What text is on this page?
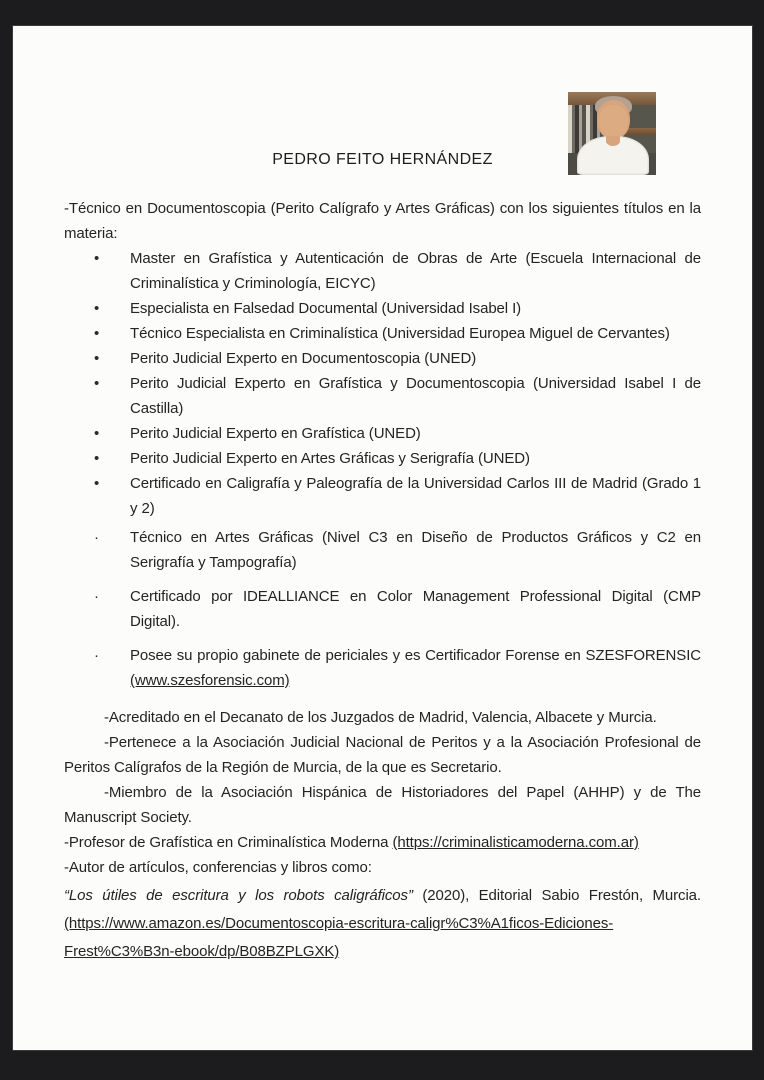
PEDRO FEITO HERNÁNDEZ

-Técnico en Documentoscopia (Perito Calígrafo y Artes Gráficas) con los siguientes títulos en la materia:

•	Master en Grafística y Autenticación de Obras de Arte (Escuela Internacional de Criminalística y Criminología, EICYC)
•	Especialista en Falsedad Documental (Universidad Isabel I)
•	Técnico Especialista en Criminalística (Universidad Europea Miguel de Cervantes)
•	Perito Judicial Experto en Documentoscopia (UNED)
•	Perito Judicial Experto en Grafística y Documentoscopia (Universidad Isabel I de Castilla)
•	Perito Judicial Experto en Grafística (UNED)
•	Perito Judicial Experto en Artes Gráficas y Serigrafía (UNED)
•	Certificado en Caligrafía y Paleografía de la Universidad Carlos III de Madrid (Grado 1 y 2)
·	Técnico en Artes Gráficas (Nivel C3 en Diseño de Productos Gráficos y C2 en Serigrafía y Tampografía)
·	Certificado por IDEALLIANCE en Color Management Professional Digital (CMP Digital).
·	Posee su propio gabinete de periciales y es Certificador Forense en SZESFORENSIC (www.szesforensic.com)

-Acreditado en el Decanato de los Juzgados de Madrid, Valencia, Albacete y Murcia.

-Pertenece a la Asociación Judicial Nacional de Peritos y a la Asociación Profesional de Peritos Calígrafos de la Región de Murcia, de la que es Secretario.

-Miembro de la Asociación Hispánica de Historiadores del Papel (AHHP) y de The Manuscript Society.

-Profesor de Grafística en Criminalística Moderna (https://criminalisticamoderna.com.ar)

-Autor de artículos, conferencias y libros como:

“Los útiles de escritura y los robots caligráficos” (2020), Editorial Sabio Frestón, Murcia. (https://www.amazon.es/Documentoscopia-escritura-caligr%C3%A1ficos-Ediciones-Frest%C3%B3n-ebook/dp/B08BZPLGXK)
